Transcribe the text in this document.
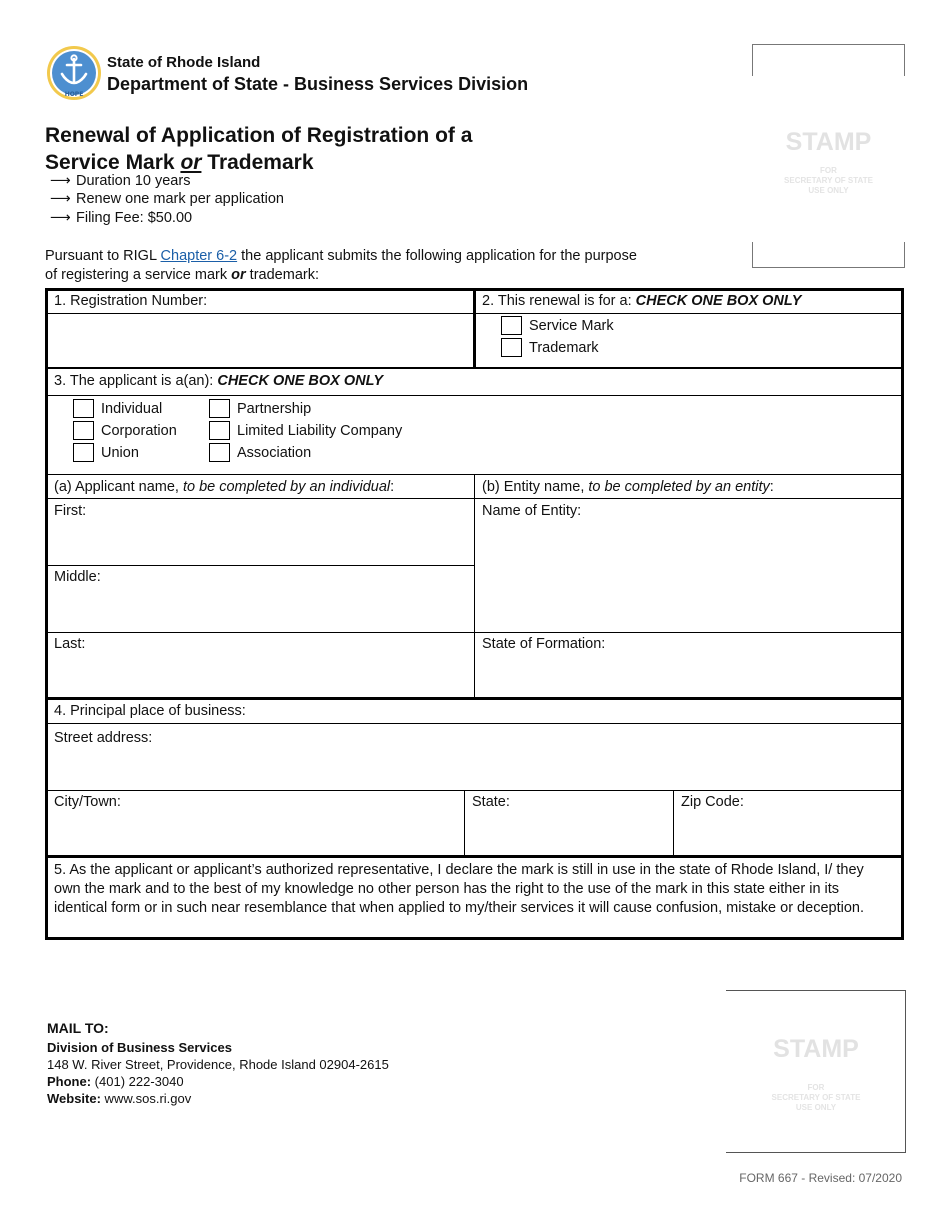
HOPE
State of Rhode Island
Department of State - Business Services Division
STAMP
FOR
SECRETARY OF STATE
USE ONLY
Renewal of Application of Registration of a
Service Mark or Trademark
⟶ Duration 10 years
⟶ Renew one mark per application
⟶ Filing Fee: $50.00
Pursuant to RIGL Chapter 6-2 the applicant submits the following application for the purpose
of registering a service mark or trademark:
1. Registration Number:	2. This renewal is for a: CHECK ONE BOX ONLY
Service Mark
Trademark
3. The applicant is a(an): CHECK ONE BOX ONLY
Individual
Corporation
Union
Partnership
Limited Liability Company
Association
(a) Applicant name, to be completed by an individual:	(b) Entity name, to be completed by an entity:
First:
Middle:
Last:
Name of Entity:
State of Formation:
4. Principal place of business:
Street address:
City/Town:	State:	Zip Code:
5. As the applicant or applicant’s authorized representative, I declare the mark is still in use in the state of Rhode Island, I/ they own the mark and to the best of my knowledge no other person has the right to the use of the mark in this state either in its identical form or in such near resemblance that when applied to my/their services it will cause confusion, mistake or deception.
MAIL TO:
Division of Business Services
148 W. River Street, Providence, Rhode Island 02904-2615
Phone: (401) 222-3040
Website: www.sos.ri.gov
STAMP
FOR
SECRETARY OF STATE
USE ONLY
FORM 667 - Revised: 07/2020
